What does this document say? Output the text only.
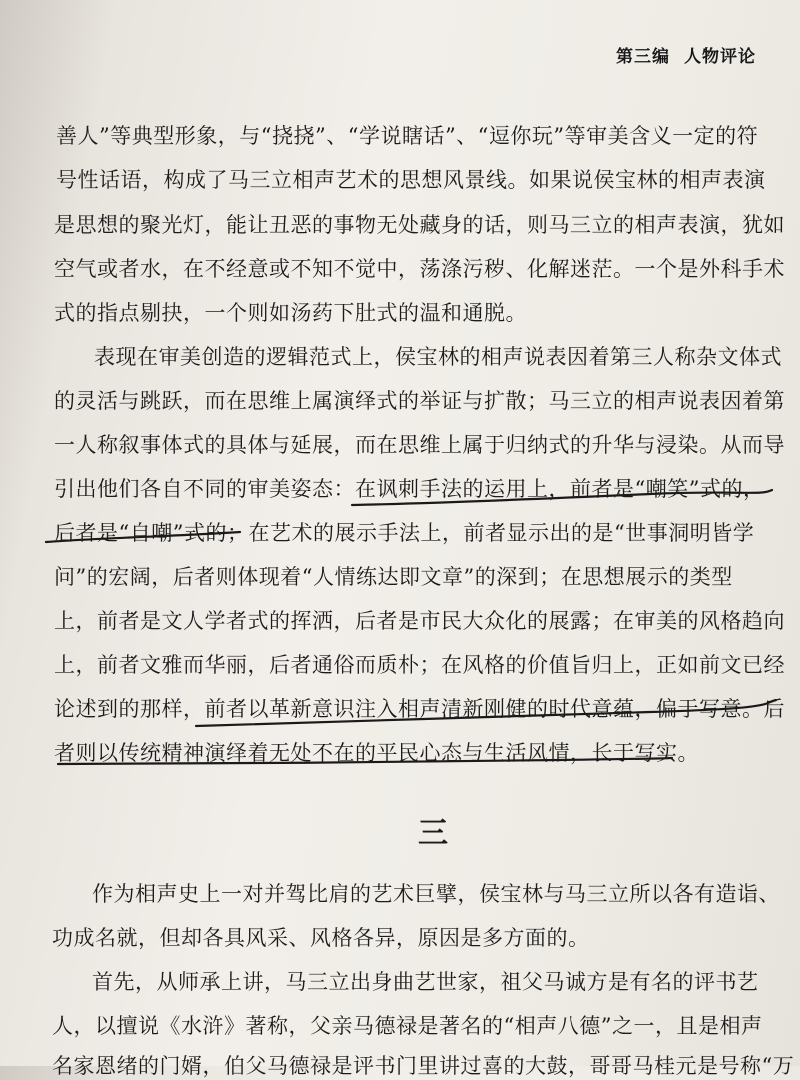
第三编 人物评论
善人”等典型形象，与“挠挠”、“学说瞎话”、“逗你玩”等审美含义一定的符
号性话语，构成了马三立相声艺术的思想风景线。如果说侯宝林的相声表演
是思想的聚光灯，能让丑恶的事物无处藏身的话，则马三立的相声表演，犹如
空气或者水，在不经意或不知不觉中，荡涤污秽、化解迷茫。一个是外科手术
式的指点剔抉，一个则如汤药下肚式的温和通脱。
表现在审美创造的逻辑范式上，侯宝林的相声说表因着第三人称杂文体式
的灵活与跳跃，而在思维上属演绎式的举证与扩散；马三立的相声说表因着第
一人称叙事体式的具体与延展，而在思维上属于归纳式的升华与浸染。从而导
引出他们各自不同的审美姿态：在讽刺手法的运用上，前者是“嘲笑”式的，
后者是“自嘲”式的；在艺术的展示手法上，前者显示出的是“世事洞明皆学
问”的宏阔，后者则体现着“人情练达即文章”的深到；在思想展示的类型
上，前者是文人学者式的挥洒，后者是市民大众化的展露；在审美的风格趋向
上，前者文雅而华丽，后者通俗而质朴；在风格的价值旨归上，正如前文已经
论述到的那样，前者以革新意识注入相声清新刚健的时代意蕴，偏于写意。后
者则以传统精神演绎着无处不在的平民心态与生活风情，长于写实。
三
作为相声史上一对并驾比肩的艺术巨擘，侯宝林与马三立所以各有造诣、
功成名就，但却各具风采、风格各异，原因是多方面的。
首先，从师承上讲，马三立出身曲艺世家，祖父马诚方是有名的评书艺
人，以擅说《水浒》著称，父亲马德禄是著名的“相声八德”之一，且是相声
名家恩绪的门婿，伯父马德禄是评书门里讲过喜的大鼓，哥哥马桂元是号称“万
